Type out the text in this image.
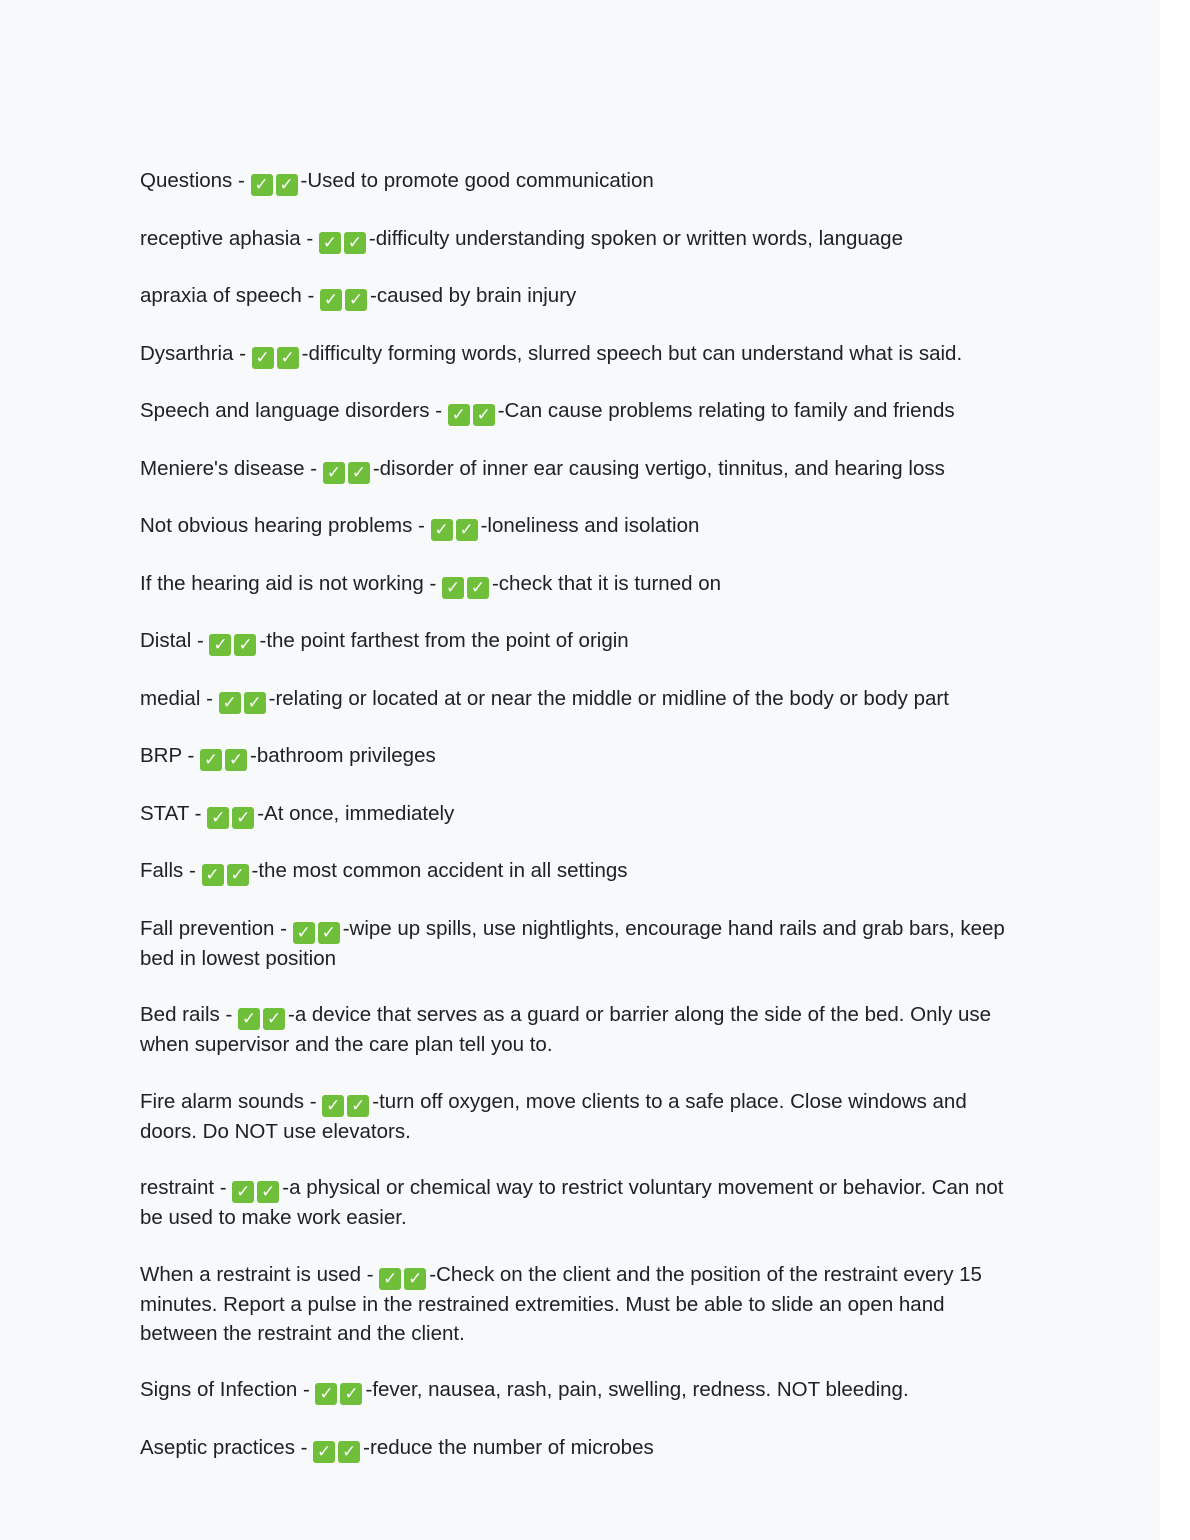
Questions - ✓ ✓ -Used to promote good communication
receptive aphasia - ✓ ✓ -difficulty understanding spoken or written words, language
apraxia of speech - ✓ ✓ -caused by brain injury
Dysarthria - ✓ ✓ -difficulty forming words, slurred speech but can understand what is said.
Speech and language disorders - ✓ ✓ -Can cause problems relating to family and friends
Meniere's disease - ✓ ✓ -disorder of inner ear causing vertigo, tinnitus, and hearing loss
Not obvious hearing problems - ✓ ✓ -loneliness and isolation
If the hearing aid is not working - ✓ ✓ -check that it is turned on
Distal - ✓ ✓ -the point farthest from the point of origin
medial - ✓ ✓ -relating or located at or near the middle or midline of the body or body part
BRP - ✓ ✓ -bathroom privileges
STAT - ✓ ✓ -At once, immediately
Falls - ✓ ✓ -the most common accident in all settings
Fall prevention - ✓ ✓ -wipe up spills, use nightlights, encourage hand rails and grab bars, keep bed in lowest position
Bed rails - ✓ ✓ -a device that serves as a guard or barrier along the side of the bed. Only use when supervisor and the care plan tell you to.
Fire alarm sounds - ✓ ✓ -turn off oxygen, move clients to a safe place. Close windows and doors. Do NOT use elevators.
restraint - ✓ ✓ -a physical or chemical way to restrict voluntary movement or behavior. Can not be used to make work easier.
When a restraint is used - ✓ ✓ -Check on the client and the position of the restraint every 15 minutes. Report a pulse in the restrained extremities. Must be able to slide an open hand between the restraint and the client.
Signs of Infection - ✓ ✓ -fever, nausea, rash, pain, swelling, redness. NOT bleeding.
Aseptic practices - ✓ ✓ -reduce the number of microbes
